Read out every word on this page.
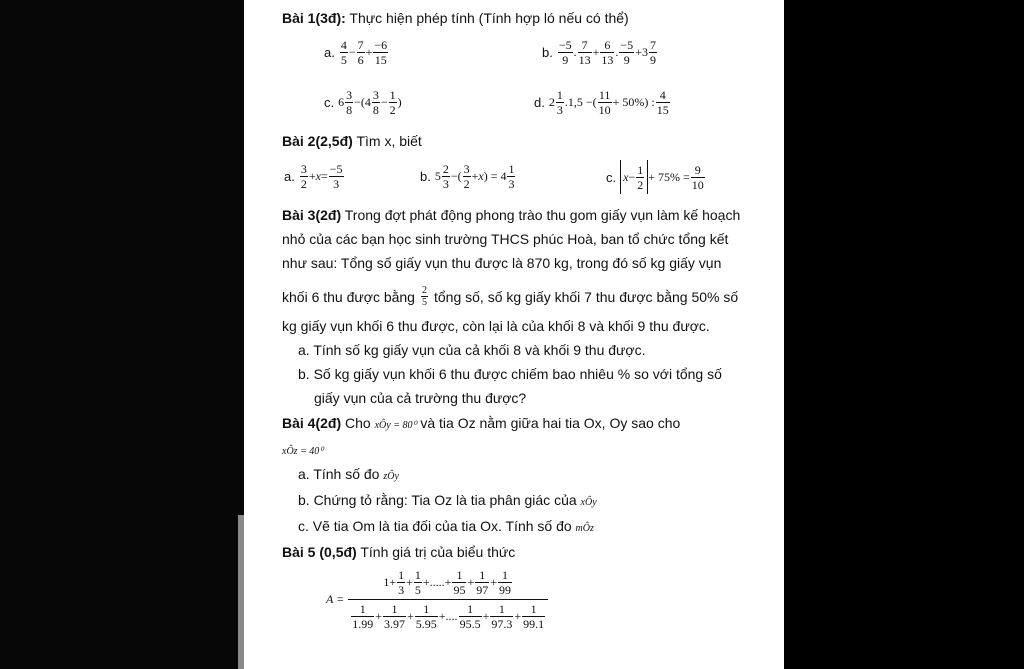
Bài 1(3đ): Thực hiện phép tính (Tính hợp ló nếu có thể)
a. $\frac{4}{5} - \frac{7}{6} + \frac{-6}{15}$	b. $\frac{-5}{9}$ . $\frac{7}{13} + \frac{6}{13}$ . $\frac{-5}{9} +3 \frac{7}{9}$
c. $6 \frac{3}{8} -(4 \frac{3}{8} - \frac{1}{2}$ )	d. $2 \frac{1}{3} .1,5$ −( $\frac{11}{10} + 50\%$) : $\frac{4}{15}$
Bài 2(2,5đ) Tìm x, biết
a. $\frac{3}{2} + x = \frac{-5}{3}$	b. $5 \frac{2}{3}$ −( $\frac{3}{2} + x$ ) = $4 \frac{1}{3}$	c. $x - \frac{1}{2} + 75\% = \frac{9}{10}$
Bài 3(2đ) Trong đợt phát động phong trào thu gom giấy vụn làm kế hoạch
nhỏ của các bạn học sinh trường THCS phúc Hoà, ban tổ chức tổng kết
như sau: Tổng số giấy vụn thu được là 870 kg, trong đó số kg giấy vụn
khối 6 thu được bằng $\frac{2}{5}$ tổng số, số kg giấy khối 7 thu được bằng 50% số
kg giấy vụn khối 6 thu được, còn lại là của khối 8 và khối 9 thu được.
a. Tính số kg giấy vụn của cả khối 8 và khối 9 thu được.
b. Số kg giấy vụn khối 6 thu được chiếm bao nhiêu % so với tổng số
giấy vụn của cả trường thu được?
Bài 4(2đ) Cho xÔy = 80⁰ và tia Oz nằm giữa hai tia Ox, Oy sao cho
xÔz = 40⁰
a. Tính số đo zÔy
b. Chứng tỏ rằng: Tia Oz là tia phân giác của xÔy
c. Vẽ tia Om là tia đối của tia Ox. Tính số đo mÔz
Bài 5 (0,5đ) Tính giá trị của biểu thức
$A = \frac{1+ \frac{1}{3} + \frac{1}{5} +.....+ \frac{1}{95} + \frac{1}{97} + \frac{1}{99}}{\frac{1}{1.99} + \frac{1}{3.97} + \frac{1}{5.95} +.... \frac{1}{95.5} + \frac{1}{97.3} + \frac{1}{99.1}}$
